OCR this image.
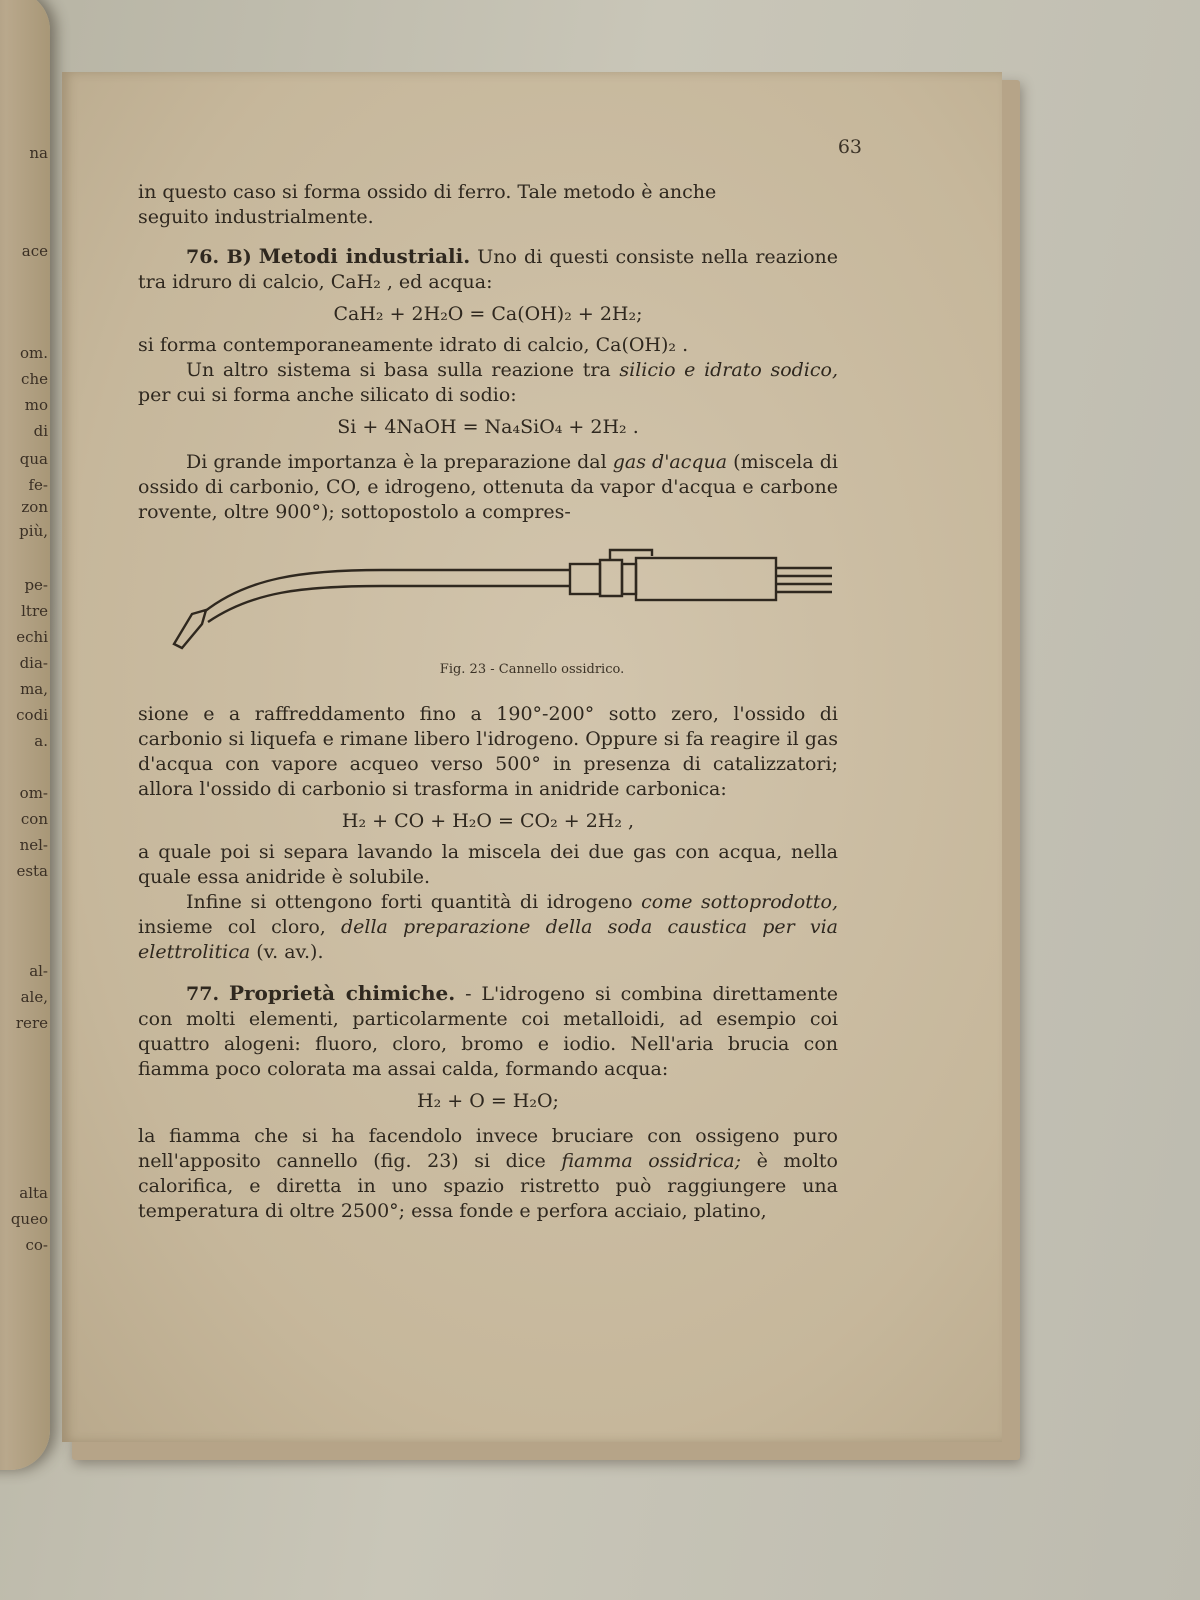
na
ace
om.
che
mo
di
qua
fe-
zon
più,
pe-
ltre
echi
dia-
ma,
codi
a.
om-
con
nel-
esta
al-
ale,
rere
alta
queo
co-
63

in questo caso si forma ossido di ferro. Tale metodo è anche

seguito industrialmente.

76. B) Metodi industriali. Uno di questi consiste nella reazione tra idruro di calcio, CaH₂ , ed acqua:

CaH₂ + 2H₂O = Ca(OH)₂ + 2H₂;

si forma contemporaneamente idrato di calcio, Ca(OH)₂ .

Un altro sistema si basa sulla reazione tra silicio e idrato sodico, per cui si forma anche silicato di sodio:

Si + 4NaOH = Na₄SiO₄ + 2H₂ .

Di grande importanza è la preparazione dal gas d'acqua (miscela di ossido di carbonio, CO, e idrogeno, ottenuta da vapor d'acqua e carbone rovente, oltre 900°); sottopostolo a compres-

Fig. 23 - Cannello ossidrico.

sione e a raffreddamento fino a 190°-200° sotto zero, l'ossido di carbonio si liquefa e rimane libero l'idrogeno. Oppure si fa reagire il gas d'acqua con vapore acqueo verso 500° in presenza di catalizzatori; allora l'ossido di carbonio si trasforma in anidride carbonica:

H₂ + CO + H₂O = CO₂ + 2H₂ ,

a quale poi si separa lavando la miscela dei due gas con acqua, nella quale essa anidride è solubile.

Infine si ottengono forti quantità di idrogeno come sottoprodotto, insieme col cloro, della preparazione della soda caustica per via elettrolitica (v. av.).

77. Proprietà chimiche. - L'idrogeno si combina direttamente con molti elementi, particolarmente coi metalloidi, ad esempio coi quattro alogeni: fluoro, cloro, bromo e iodio. Nell'aria brucia con fiamma poco colorata ma assai calda, formando acqua:

H₂ + O = H₂O;

la fiamma che si ha facendolo invece bruciare con ossigeno puro nell'apposito cannello (fig. 23) si dice fiamma ossidrica; è molto calorifica, e diretta in uno spazio ristretto può raggiungere una temperatura di oltre 2500°; essa fonde e perfora acciaio, platino,
